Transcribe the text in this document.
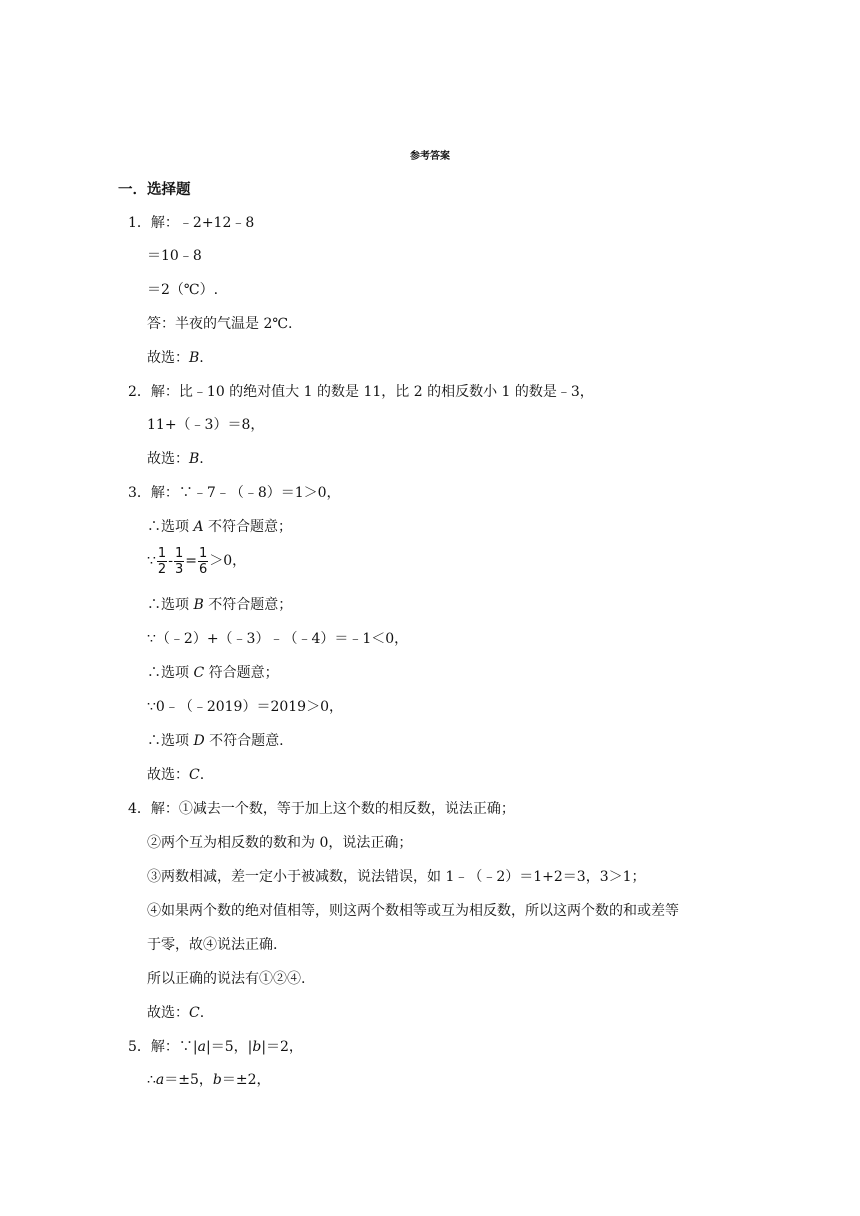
参考答案
一．选择题
1．解：﹣2+12﹣8
＝10﹣8
＝2（℃）.
答：半夜的气温是 2℃.
故选：B.
2．解：比﹣10 的绝对值大 1 的数是 11，比 2 的相反数小 1 的数是﹣3，
11+（﹣3）＝8，
故选：B.
3．解：∵﹣7﹣（﹣8）＝1＞0，
∴选项 A 不符合题意；
∵ $\frac{1}{2} - \frac{1}{3} = \frac{1}{6} >0$，
∴选项 B 不符合题意；
∵（﹣2）+（﹣3）﹣（﹣4）＝﹣1＜0，
∴选项 C 符合题意；
∵0﹣（﹣2019）＝2019＞0，
∴选项 D 不符合题意.
故选：C.
4．解：①减去一个数，等于加上这个数的相反数，说法正确；
②两个互为相反数的数和为 0，说法正确；
③两数相减，差一定小于被减数，说法错误，如 1﹣（﹣2）＝1+2＝3，3＞1；
④如果两个数的绝对值相等，则这两个数相等或互为相反数，所以这两个数的和或差等
于零，故④说法正确.
所以正确的说法有①②④.
故选：C.
5．解：∵|a|＝5，|b|＝2，
∴a＝±5，b＝±2，
